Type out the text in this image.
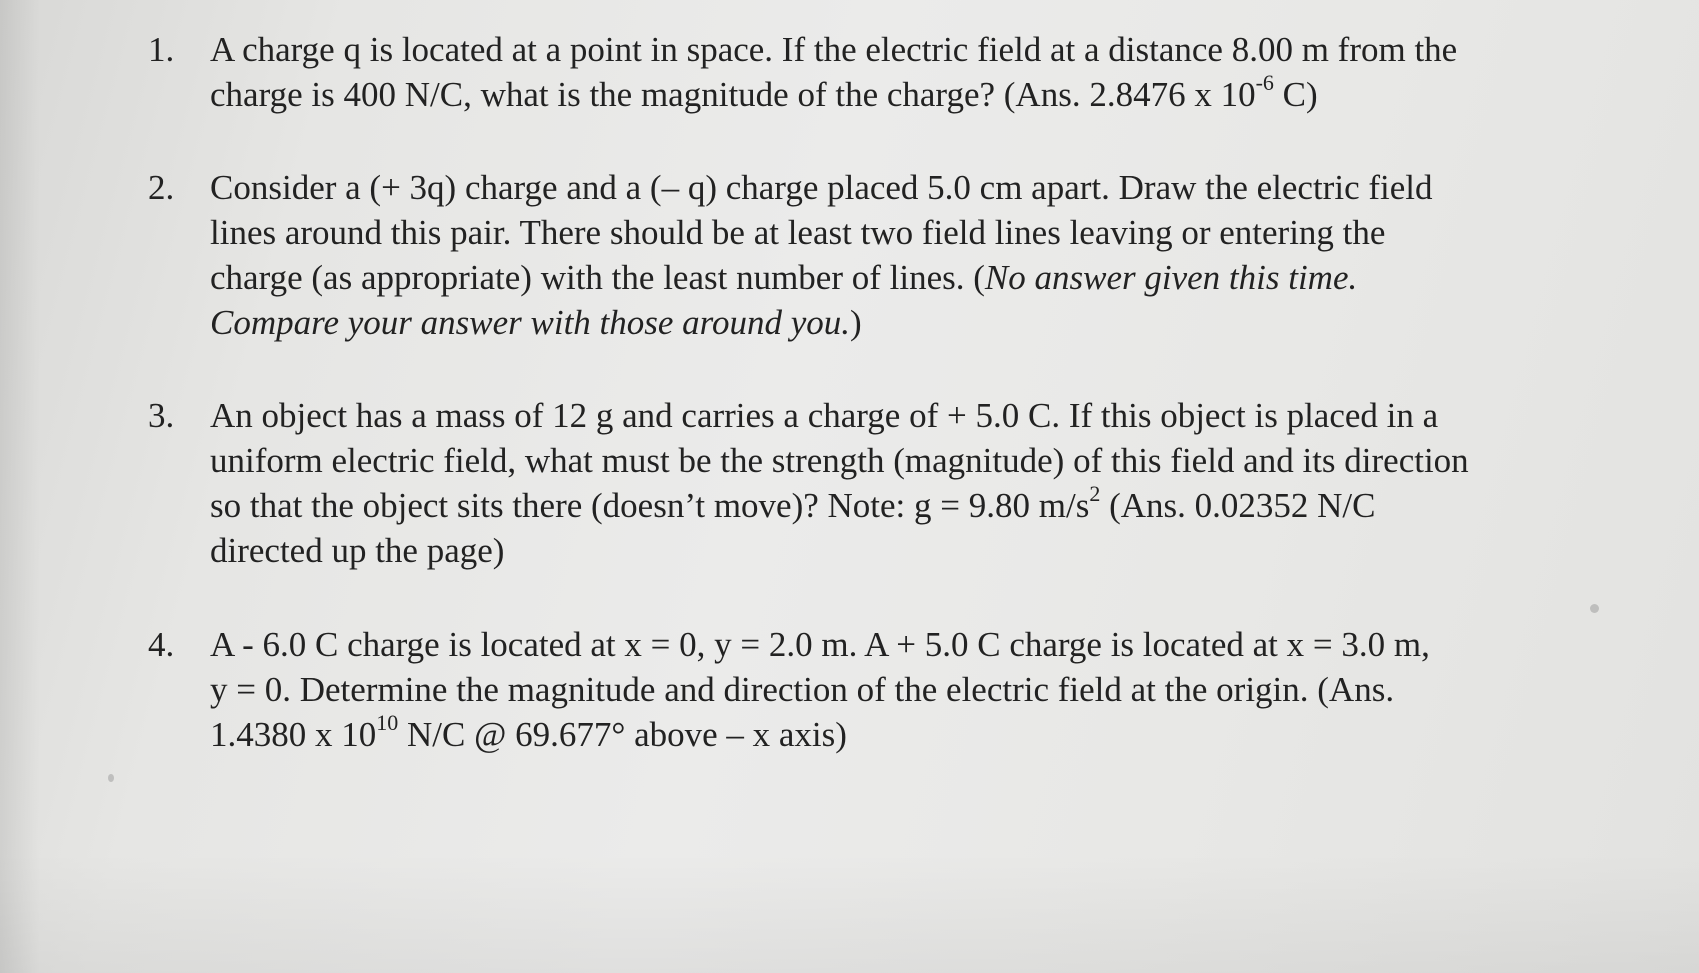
1.	A charge q is located at a point in space. If the electric field at a distance 8.00 m from the
charge is 400 N/C, what is the magnitude of the charge? (Ans. 2.8476 x $10^{-6}$ C)
2.	Consider a (+ 3q) charge and a (– q) charge placed 5.0 cm apart. Draw the electric field
lines around this pair. There should be at least two field lines leaving or entering the
charge (as appropriate) with the least number of lines. (No answer given this time.
Compare your answer with those around you.)
3.	An object has a mass of 12 g and carries a charge of + 5.0 C. If this object is placed in a
uniform electric field, what must be the strength (magnitude) of this field and its direction
so that the object sits there (doesn’t move)? Note: g = 9.80 $m/s^2$ (Ans. 0.02352 N/C
directed up the page)
4.	A - 6.0 C charge is located at x = 0, y = 2.0 m. A + 5.0 C charge is located at x = 3.0 m,
y = 0. Determine the magnitude and direction of the electric field at the origin. (Ans.
1.4380 x $10^{10}$ N/C @ 69.677° above – x axis)
